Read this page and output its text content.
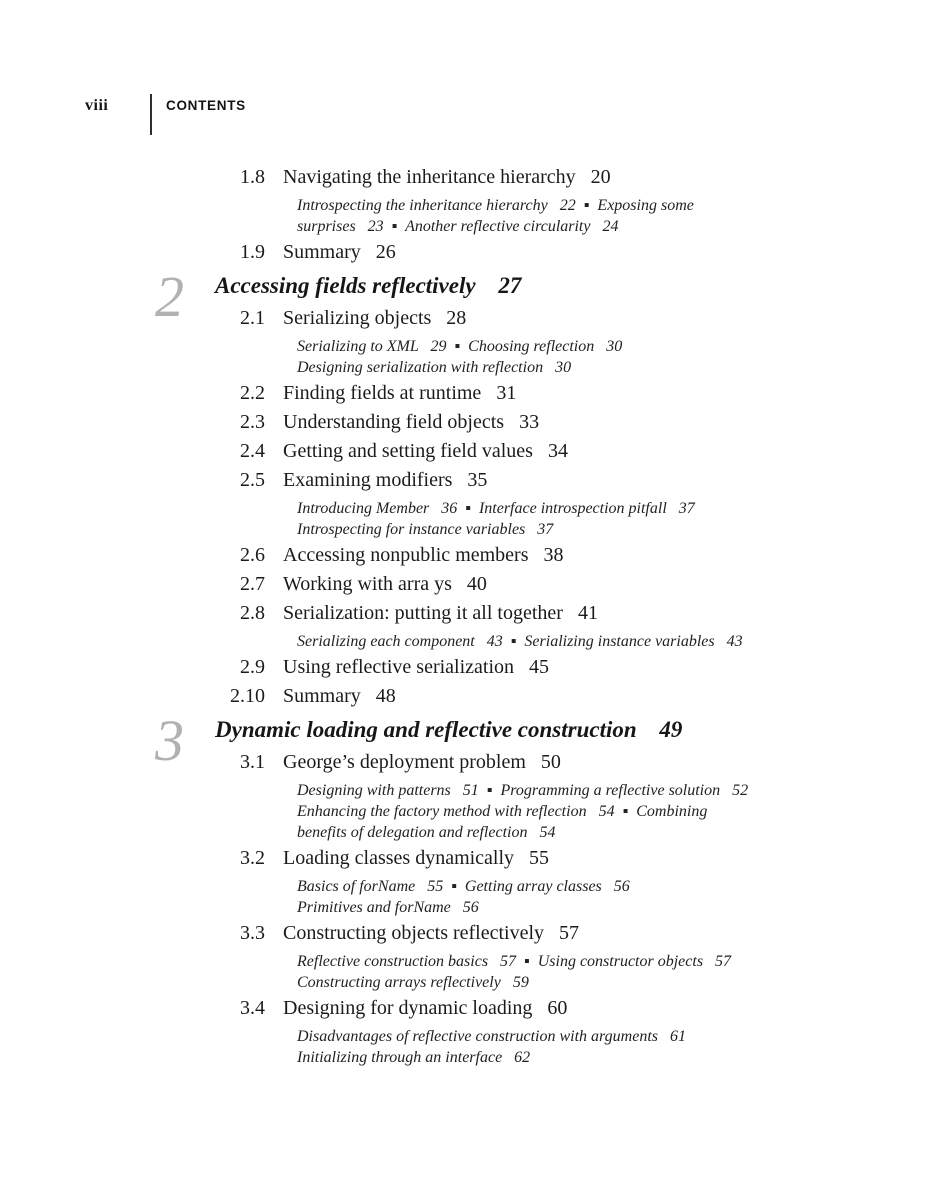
viii	CONTENTS
1.8 Navigating the inheritance hierarchy 20
Introspecting the inheritance hierarchy   22  ▪  Exposing some
surprises   23  ▪  Another reflective circularity   24
1.9 Summary 26
2 Accessing fields reflectively 27
2.1 Serializing objects 28
Serializing to XML   29  ▪  Choosing reflection   30
Designing serialization with reflection   30
2.2 Finding fields at runtime 31
2.3 Understanding field objects 33
2.4 Getting and setting field values 34
2.5 Examining modifiers 35
Introducing Member   36  ▪  Interface introspection pitfall   37
Introspecting for instance variables   37
2.6 Accessing nonpublic members 38
2.7 Working with arra ys 40
2.8 Serialization: putting it all together 41
Serializing each component   43  ▪  Serializing instance variables   43
2.9 Using reflective serialization 45
2.10 Summary 48
3 Dynamic loading and reflective construction 49
3.1 George’s deployment problem 50
Designing with patterns   51  ▪  Programming a reflective solution   52
Enhancing the factory method with reflection   54  ▪  Combining
benefits of delegation and reflection   54
3.2 Loading classes dynamically 55
Basics of forName   55  ▪  Getting array classes   56
Primitives and forName   56
3.3 Constructing objects reflectively 57
Reflective construction basics   57  ▪  Using constructor objects   57
Constructing arrays reflectively   59
3.4 Designing for dynamic loading 60
Disadvantages of reflective construction with arguments   61
Initializing through an interface   62
